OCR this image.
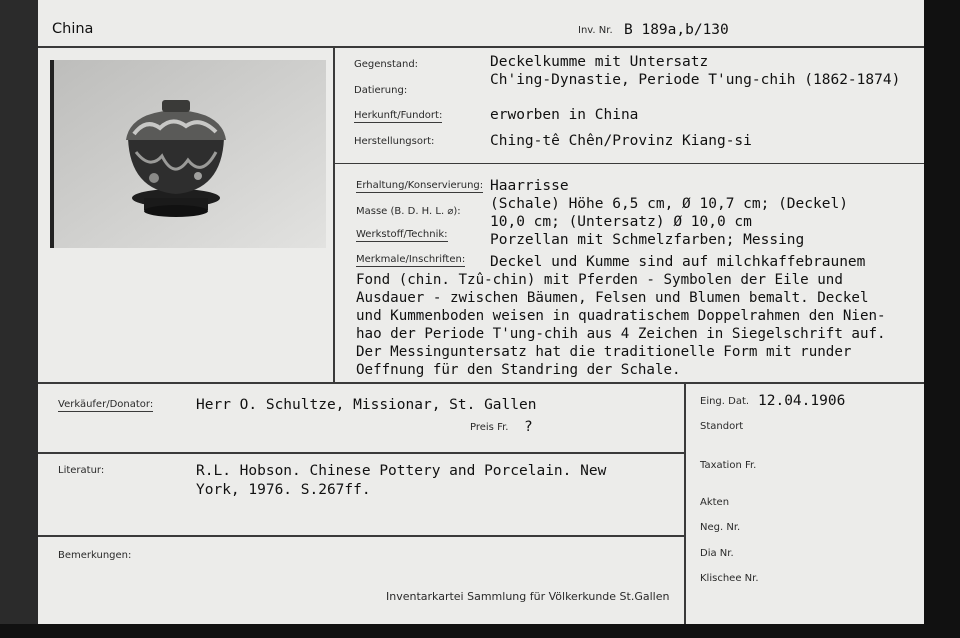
China	Inv. Nr. B 189a,b/130
Gegenstand:	Deckelkumme mit Untersatz
Datierung:
Ch'ing-Dynastie, Periode T'ung-chih (1862-1874)
Herkunft/Fundort:	erworben in China
Herstellungsort:	Ching-tê Chên/Provinz Kiang-si
Erhaltung/Konservierung: Haarrisse
Masse (B. D. H. L. ⌀): (Schale) Höhe 6,5 cm, Ø 10,7 cm; (Deckel)
10,0 cm; (Untersatz) Ø 10,0 cm
Werkstoff/Technik:	Porzellan mit Schmelzfarben; Messing
Merkmale/Inschriften: Deckel und Kumme sind auf milchkaffebraunem
Fond (chin. Tzû-chin) mit Pferden - Symbolen der Eile und
Ausdauer - zwischen Bäumen, Felsen und Blumen bemalt. Deckel
und Kummenboden weisen in quadratischem Doppelrahmen den Nien-
hao der Periode T'ung-chih aus 4 Zeichen in Siegelschrift auf.
Der Messinguntersatz hat die traditionelle Form mit runder
Oeffnung für den Standring der Schale.
Verkäufer/Donator:	Herr O. Schultze, Missionar, St. Gallen
Preis Fr. ?
Literatur:	R.L. Hobson. Chinese Pottery and Porcelain. New
York, 1976. S.267ff.
Bemerkungen:
Inventarkartei Sammlung für Völkerkunde St.Gallen
Eing. Dat. 12.04.1906
Standort
Taxation Fr.
Akten
Neg. Nr.
Dia Nr.
Klischee Nr.
